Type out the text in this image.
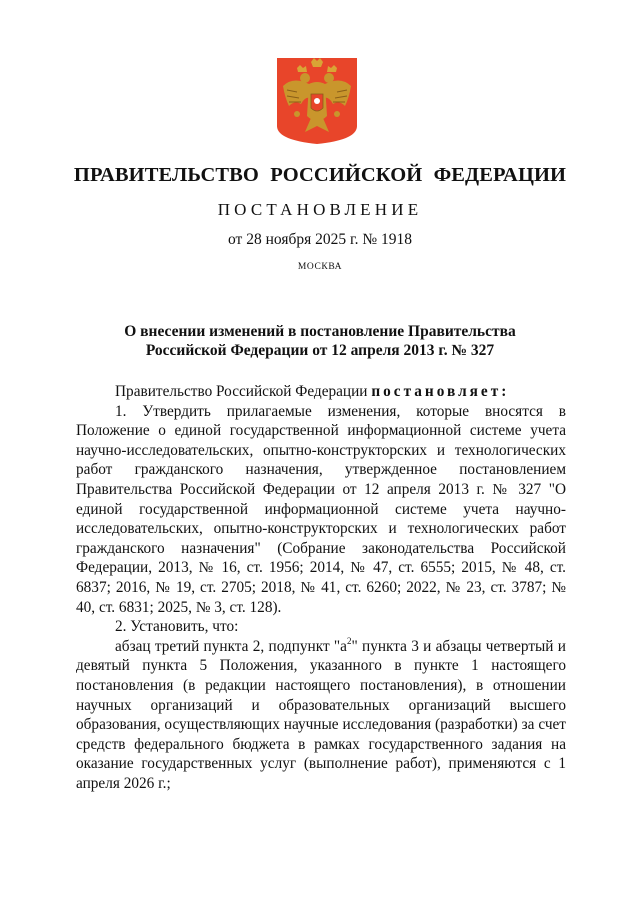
ПРАВИТЕЛЬСТВО РОССИЙСКОЙ ФЕДЕРАЦИИ
ПОСТАНОВЛЕНИЕ
от 28 ноября 2025 г. № 1918
МОСКВА
О внесении изменений в постановление Правительства
Российской Федерации от 12 апреля 2013 г. № 327

Правительство Российской Федерации постановляет:

1. Утвердить прилагаемые изменения, которые вносятся в Положение о единой государственной информационной системе учета научно-исследовательских, опытно-конструкторских и технологических работ гражданского назначения, утвержденное постановлением Правительства Российской Федерации от 12 апреля 2013 г. № 327 "О единой государственной информационной системе учета научно-исследовательских, опытно-конструкторских и технологических работ гражданского назначения" (Собрание законодательства Российской Федерации, 2013, № 16, ст. 1956; 2014, № 47, ст. 6555; 2015, № 48, ст. 6837; 2016, № 19, ст. 2705; 2018, № 41, ст. 6260; 2022, № 23, ст. 3787; № 40, ст. 6831; 2025, № 3, ст. 128).

2. Установить, что:

абзац третий пункта 2, подпункт "$а^2$" пункта 3 и абзацы четвертый и девятый пункта 5 Положения, указанного в пункте 1 настоящего постановления (в редакции настоящего постановления), в отношении научных организаций и образовательных организаций высшего образования, осуществляющих научные исследования (разработки) за счет средств федерального бюджета в рамках государственного задания на оказание государственных услуг (выполнение работ), применяются с 1 апреля 2026 г.;
